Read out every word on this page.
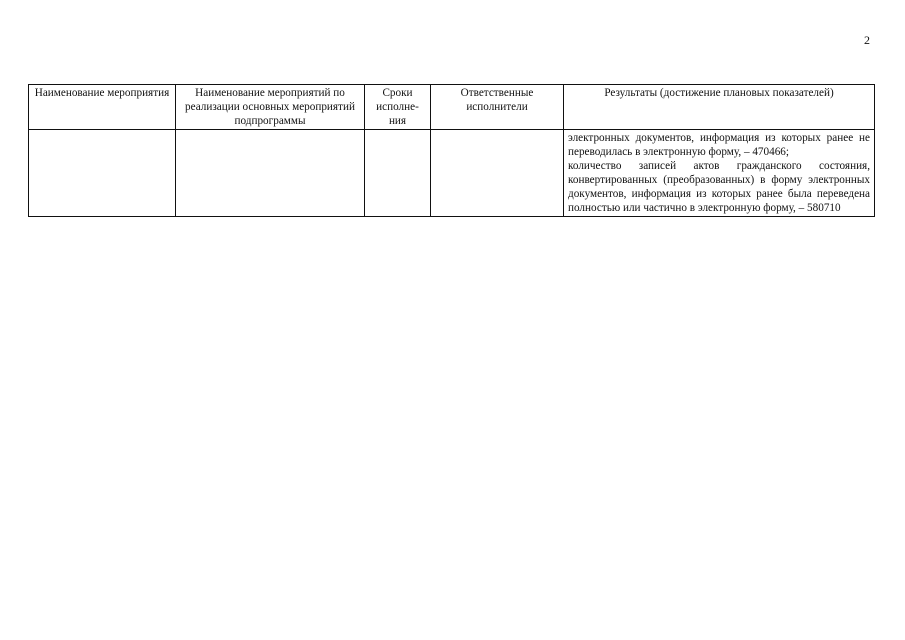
2
Наименование мероприятия	Наименование мероприятий по реализации основных мероприятий подпрограммы	Сроки исполне-ния	Ответственные исполнители	Результаты (достижение плановых показателей)

				электронных документов, информация из которых ранее не переводилась в электронную форму, – 470466;

количество записей актов гражданского состояния, конвертированных (преобразованных) в форму электронных документов, информация из которых ранее была переведена полностью или частично в электронную форму, – 580710
